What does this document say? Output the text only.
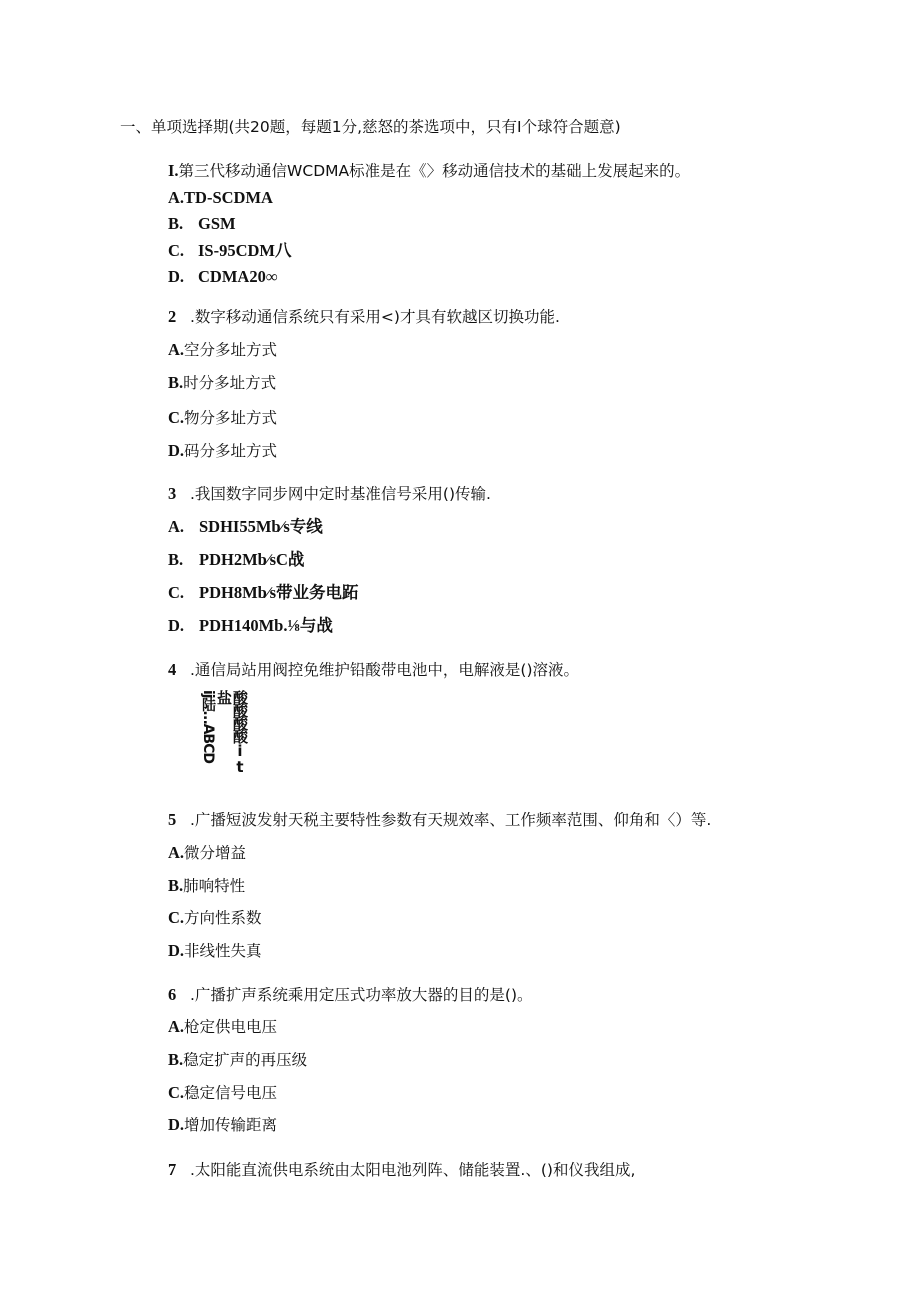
一、单项选择期(共20题，每题1分,慈怒的茶选项中，只有I个球符合题意)
I.第三代移动通信WCDMA标准是在《〉移动通信技术的基础上发展起来的。
A.TD-SCDMA
B. GSM
C. IS-95CDM八
D. CDMA20∞
2 .数字移动通信系统只有采用<)才具有软越区切换功能.
A.空分多址方式
B.时分多址方式
C.物分多址方式
D.码分多址方式
3 .我国数字同步网中定时基准信号采用()传输.
A. SDHI55Mb∕s专线
B. PDH2Mb∕sC战
C. PDH8Mb∕s带业务电跖
D. PDH140Mb.⅛与战
4 .通信局站用阀控免维护铅酸带电池中，电解液是()溶液。
ij陆…ABCD	酸酸酸酸it 盐
5 .广播短波发射天税主要特性参数有天规效率、工作频率范围、仰角和〈）等.
A.微分增益
B.肺响特性
C.方向性系数
D.非线性失真
6 .广播扩声系统乘用定压式功率放大器的目的是()。
A.枪定供电电压
B.稳定扩声的再压级
C.稳定信号电压
D.增加传输距离
7 .太阳能直流供电系统由太阳电池列阵、储能装置.、()和仪我组成,
